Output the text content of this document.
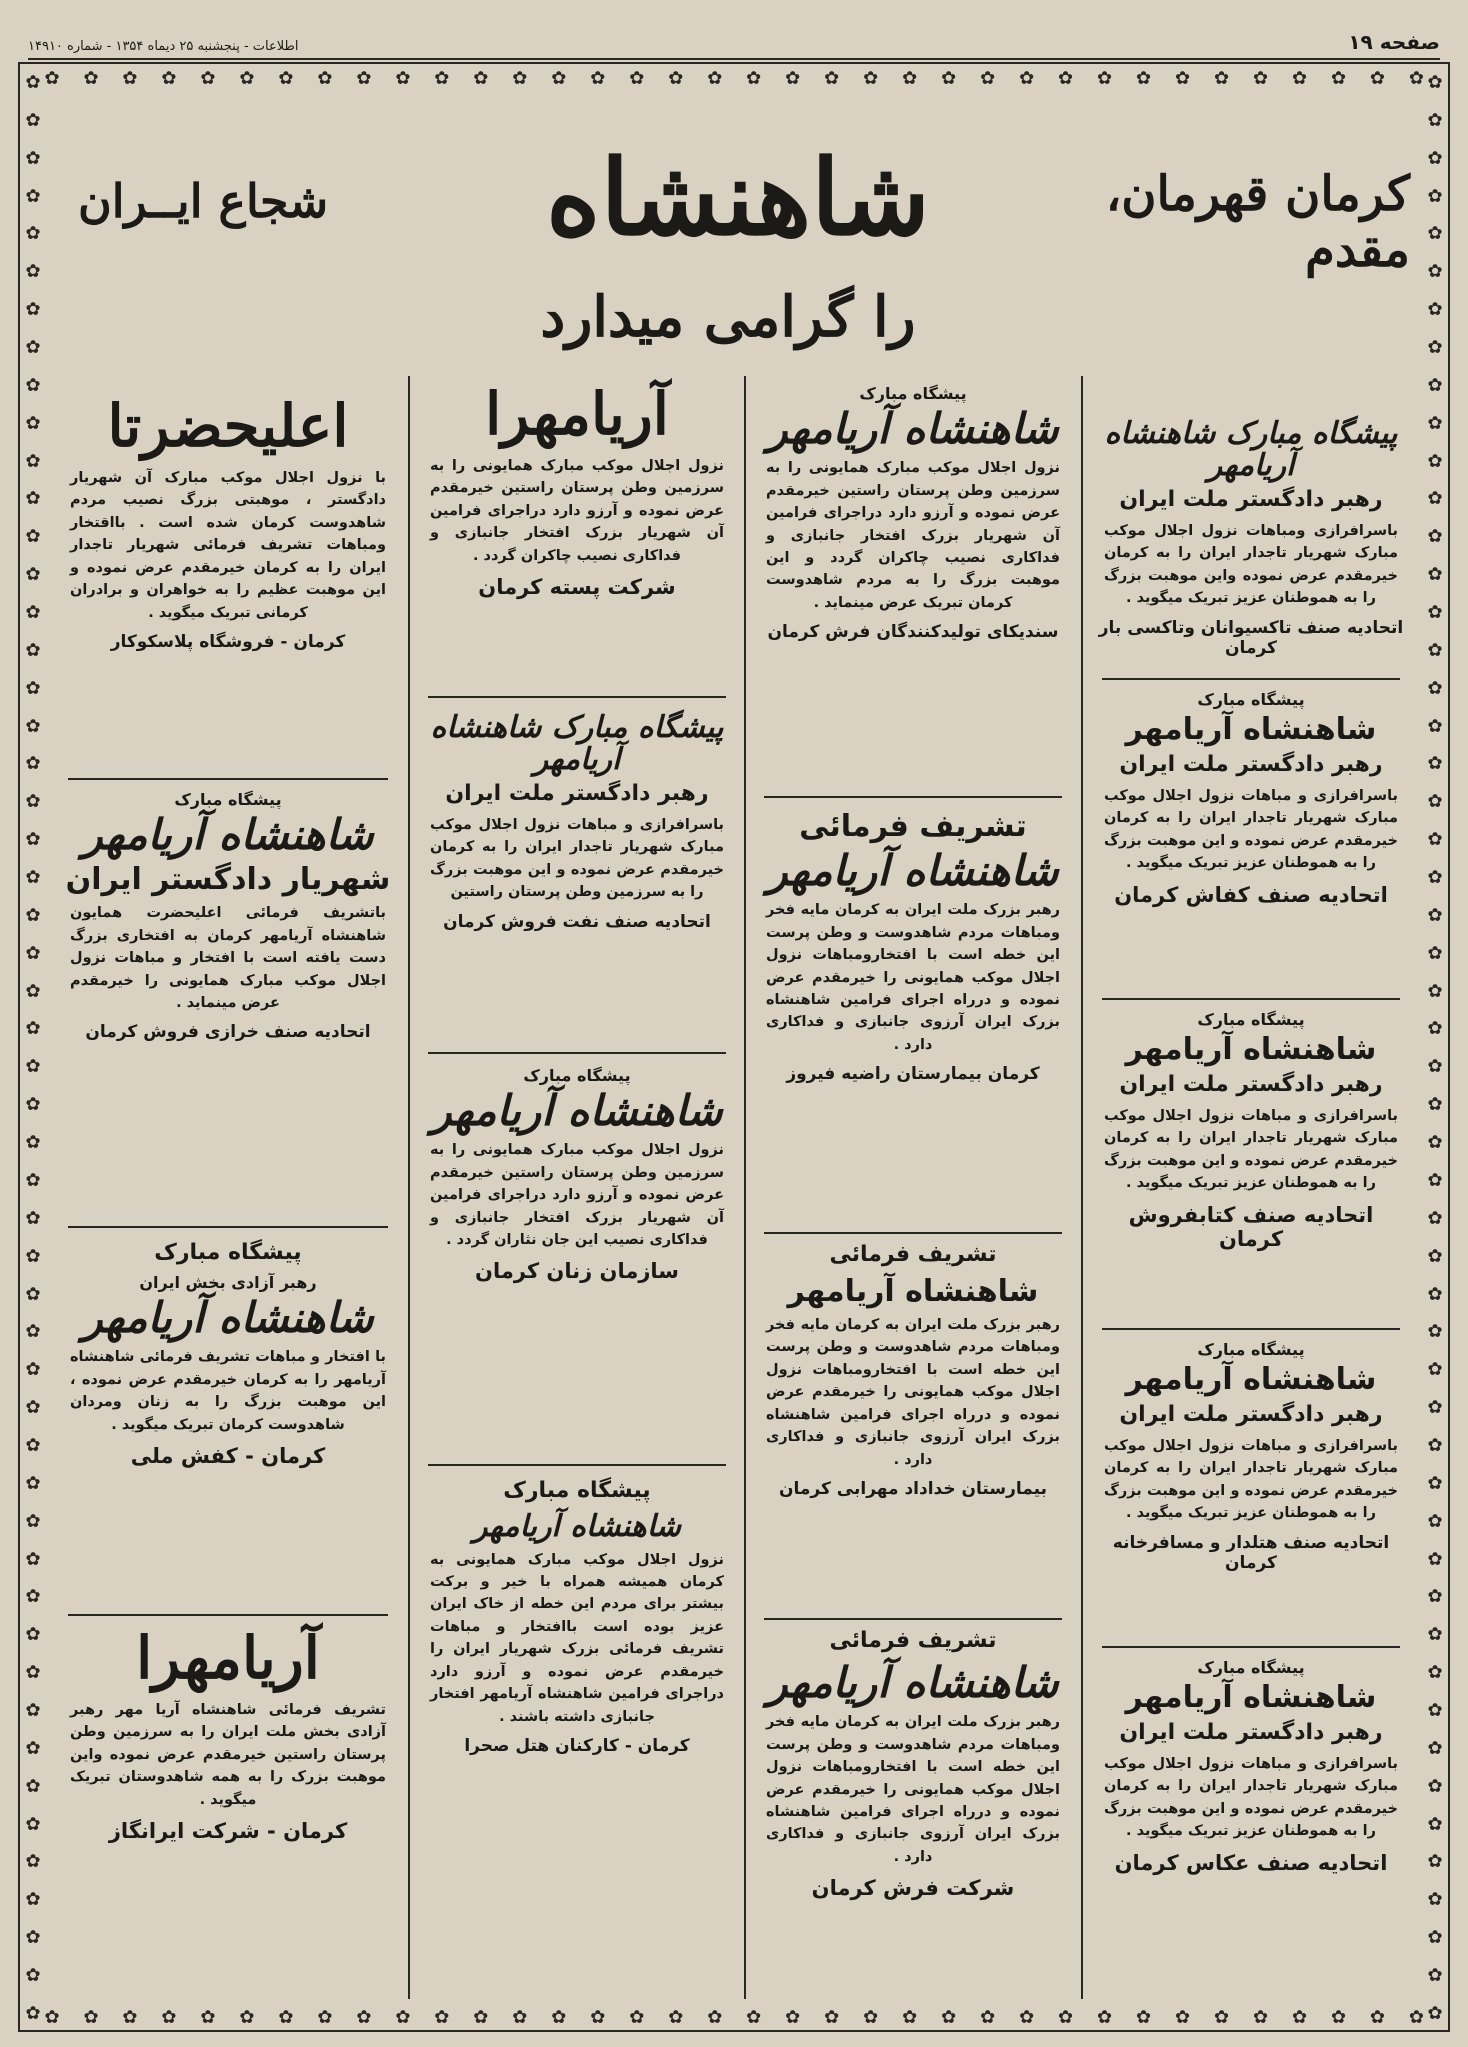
صفحه ۱۹
اطلاعات - پنجشنبه ۲۵ دیماه ۱۳۵۴ - شماره ۱۴۹۱۰
✿
✿
✿
✿
✿
✿
✿
✿
✿
✿
✿
✿
✿
✿
✿
✿
✿
✿
✿
✿
✿
✿
✿
✿
✿
✿
✿
✿
✿
✿
✿
✿
✿
✿
✿
✿
✿
✿
✿
✿
✿
✿
✿
✿
✿
✿
✿
✿
✿
✿
✿
✿
✿
✿
✿
✿
✿
✿
✿
✿
✿
✿
✿
✿
✿
✿
✿
✿
✿
✿
✿
✿
✿
✿
✿
✿
✿
✿
✿
✿
✿
✿
✿
✿
✿
✿
✿
✿
✿
✿
✿
✿
✿
✿
✿
✿
✿
✿
✿
✿
✿
✿
✿
✿
✿
✿
✿
✿
✿
✿
✿
✿
✿
✿
✿
✿
✿
✿
✿
✿
✿
✿
✿
✿
✿
✿
✿
✿
✿
✿
✿
✿
✿
✿
✿
✿
✿
✿
✿
✿
✿
✿
✿
✿
✿
✿
✿
✿
✿
✿
✿
✿
✿
✿
✿
✿
✿
✿
✿
✿
✿
✿
✿
✿
✿
✿
✿
✿
✿
✿
✿
✿
✿
✿
✿
✿
کرمان قهرمان، مقدم
شاهنشاه
شجاع ایــران
را گرامی میدارد
پیشگاه مبارک شاهنشاه آریامهر
رهبر دادگستر ملت ایران
باسرافرازی ومباهات نزول اجلال موکب مبارک شهریار تاجدار ایران را به کرمان خیرمقدم عرض نموده واین موهبت بزرگ را به هموطنان عزیز تبریک میگوید .
اتحادیه صنف تاکسیوانان وتاکسی بار کرمان
پیشگاه مبارک
شاهنشاه آریامهر
رهبر دادگستر ملت ایران
باسرافرازی و مباهات نزول اجلال موکب مبارک شهریار تاجدار ایران را به کرمان خیرمقدم عرض نموده و این موهبت بزرگ را به هموطنان عزیز تبریک میگوید .
اتحادیه صنف کفاش کرمان
پیشگاه مبارک
شاهنشاه آریامهر
رهبر دادگستر ملت ایران
باسرافرازی و مباهات نزول اجلال موکب مبارک شهریار تاجدار ایران را به کرمان خیرمقدم عرض نموده و این موهبت بزرگ را به هموطنان عزیز تبریک میگوید .
اتحادیه صنف کتابفروش کرمان
پیشگاه مبارک
شاهنشاه آریامهر
رهبر دادگستر ملت ایران
باسرافرازی و مباهات نزول اجلال موکب مبارک شهریار تاجدار ایران را به کرمان خیرمقدم عرض نموده و این موهبت بزرگ را به هموطنان عزیز تبریک میگوید .
اتحادیه صنف هتلدار و مسافرخانه کرمان
پیشگاه مبارک
شاهنشاه آریامهر
رهبر دادگستر ملت ایران
باسرافرازی و مباهات نزول اجلال موکب مبارک شهریار تاجدار ایران را به کرمان خیرمقدم عرض نموده و این موهبت بزرگ را به هموطنان عزیز تبریک میگوید .
اتحادیه صنف عکاس کرمان
پیشگاه مبارک
شاهنشاه آریامهر
نزول اجلال موکب مبارک همایونی را به سرزمین وطن پرستان راستین خیرمقدم عرض نموده و آرزو دارد دراجرای فرامین آن شهریار بزرک افتخار جانبازی و فداکاری نصیب چاکران گردد و این موهبت بزرگ را به مردم شاهدوست کرمان تبریک عرض مینماید .
سندیکای تولیدکنندگان فرش کرمان
تشریف فرمائی
شاهنشاه آریامهر
رهبر بزرک ملت ایران به کرمان مایه فخر ومباهات مردم شاهدوست و وطن پرست این خطه است با افتخارومباهات نزول اجلال موکب همایونی را خیرمقدم عرض نموده و درراه اجرای فرامین شاهنشاه بزرک ایران آرزوی جانبازی و فداکاری دارد .
کرمان بیمارستان راضیه فیروز
تشریف فرمائی
شاهنشاه آریامهر
رهبر بزرک ملت ایران به کرمان مایه فخر ومباهات مردم شاهدوست و وطن پرست این خطه است با افتخارومباهات نزول اجلال موکب همایونی را خیرمقدم عرض نموده و درراه اجرای فرامین شاهنشاه بزرک ایران آرزوی جانبازی و فداکاری دارد .
بیمارستان خداداد مهرابی کرمان
تشریف فرمائی
شاهنشاه آریامهر
رهبر بزرک ملت ایران به کرمان مایه فخر ومباهات مردم شاهدوست و وطن پرست این خطه است با افتخارومباهات نزول اجلال موکب همایونی را خیرمقدم عرض نموده و درراه اجرای فرامین شاهنشاه بزرک ایران آرزوی جانبازی و فداکاری دارد .
شرکت فرش کرمان
آریامهرا
نزول اجلال موکب مبارک همایونی را به سرزمین وطن پرستان راستین خیرمقدم عرض نموده و آرزو دارد دراجرای فرامین آن شهریار بزرک افتخار جانبازی و فداکاری نصیب چاکران گردد .
شرکت پسته کرمان
پیشگاه مبارک شاهنشاه آریامهر
رهبر دادگستر ملت ایران
باسرافرازی و مباهات نزول اجلال موکب مبارک شهریار تاجدار ایران را به کرمان خیرمقدم عرض نموده و این موهبت بزرگ را به سرزمین وطن پرستان راستین
اتحادیه صنف نفت فروش کرمان
پیشگاه مبارک
شاهنشاه آریامهر
نزول اجلال موکب مبارک همایونی را به سرزمین وطن پرستان راستین خیرمقدم عرض نموده و آرزو دارد دراجرای فرامین آن شهریار بزرک افتخار جانبازی و فداکاری نصیب این جان نثاران گردد .
سازمان زنان کرمان
پیشگاه مبارک
شاهنشاه آریامهر
نزول اجلال موکب مبارک همایونی به کرمان همیشه همراه با خیر و برکت بیشتر برای مردم این خطه از خاک ایران عزیز بوده است باافتخار و مباهات تشریف فرمائی بزرک شهریار ایران را خیرمقدم عرض نموده و آرزو دارد دراجرای فرامین شاهنشاه آریامهر افتخار جانبازی داشته باشند .
کرمان - کارکنان هتل صحرا
اعلیحضرتا
با نزول اجلال موکب مبارک آن شهریار دادگستر ، موهبتی بزرگ نصیب مردم شاهدوست کرمان شده است . بااقتخار ومباهات تشریف فرمائی شهریار تاجدار ایران را به کرمان خیرمقدم عرض نموده و این موهبت عظیم را به خواهران و برادران کرمانی تبریک میگوید .
کرمان - فروشگاه پلاسکوکار
پیشگاه مبارک
شاهنشاه آریامهر
شهریار دادگستر ایران
باتشریف فرمائی اعلیحضرت همایون شاهنشاه آریامهر کرمان به افتخاری بزرگ دست یافته است با افتخار و مباهات نزول اجلال موکب مبارک همایونی را خیرمقدم عرض مینماید .
اتحادیه صنف خرازی فروش کرمان
پیشگاه مبارک
رهبر آزادی بخش ایران
شاهنشاه آریامهر
با افتخار و مباهات تشریف فرمائی شاهنشاه آریامهر را به کرمان خیرمقدم عرض نموده ، این موهبت بزرگ را به زنان ومردان شاهدوست کرمان تبریک میگوید .
کرمان - کفش ملی
آریامهرا
تشریف فرمائی شاهنشاه آریا مهر رهبر آزادی بخش ملت ایران را به سرزمین وطن پرستان راستین خیرمقدم عرض نموده واین موهبت بزرک را به همه شاهدوستان تبریک میگوید .
کرمان - شرکت ایرانگاز
